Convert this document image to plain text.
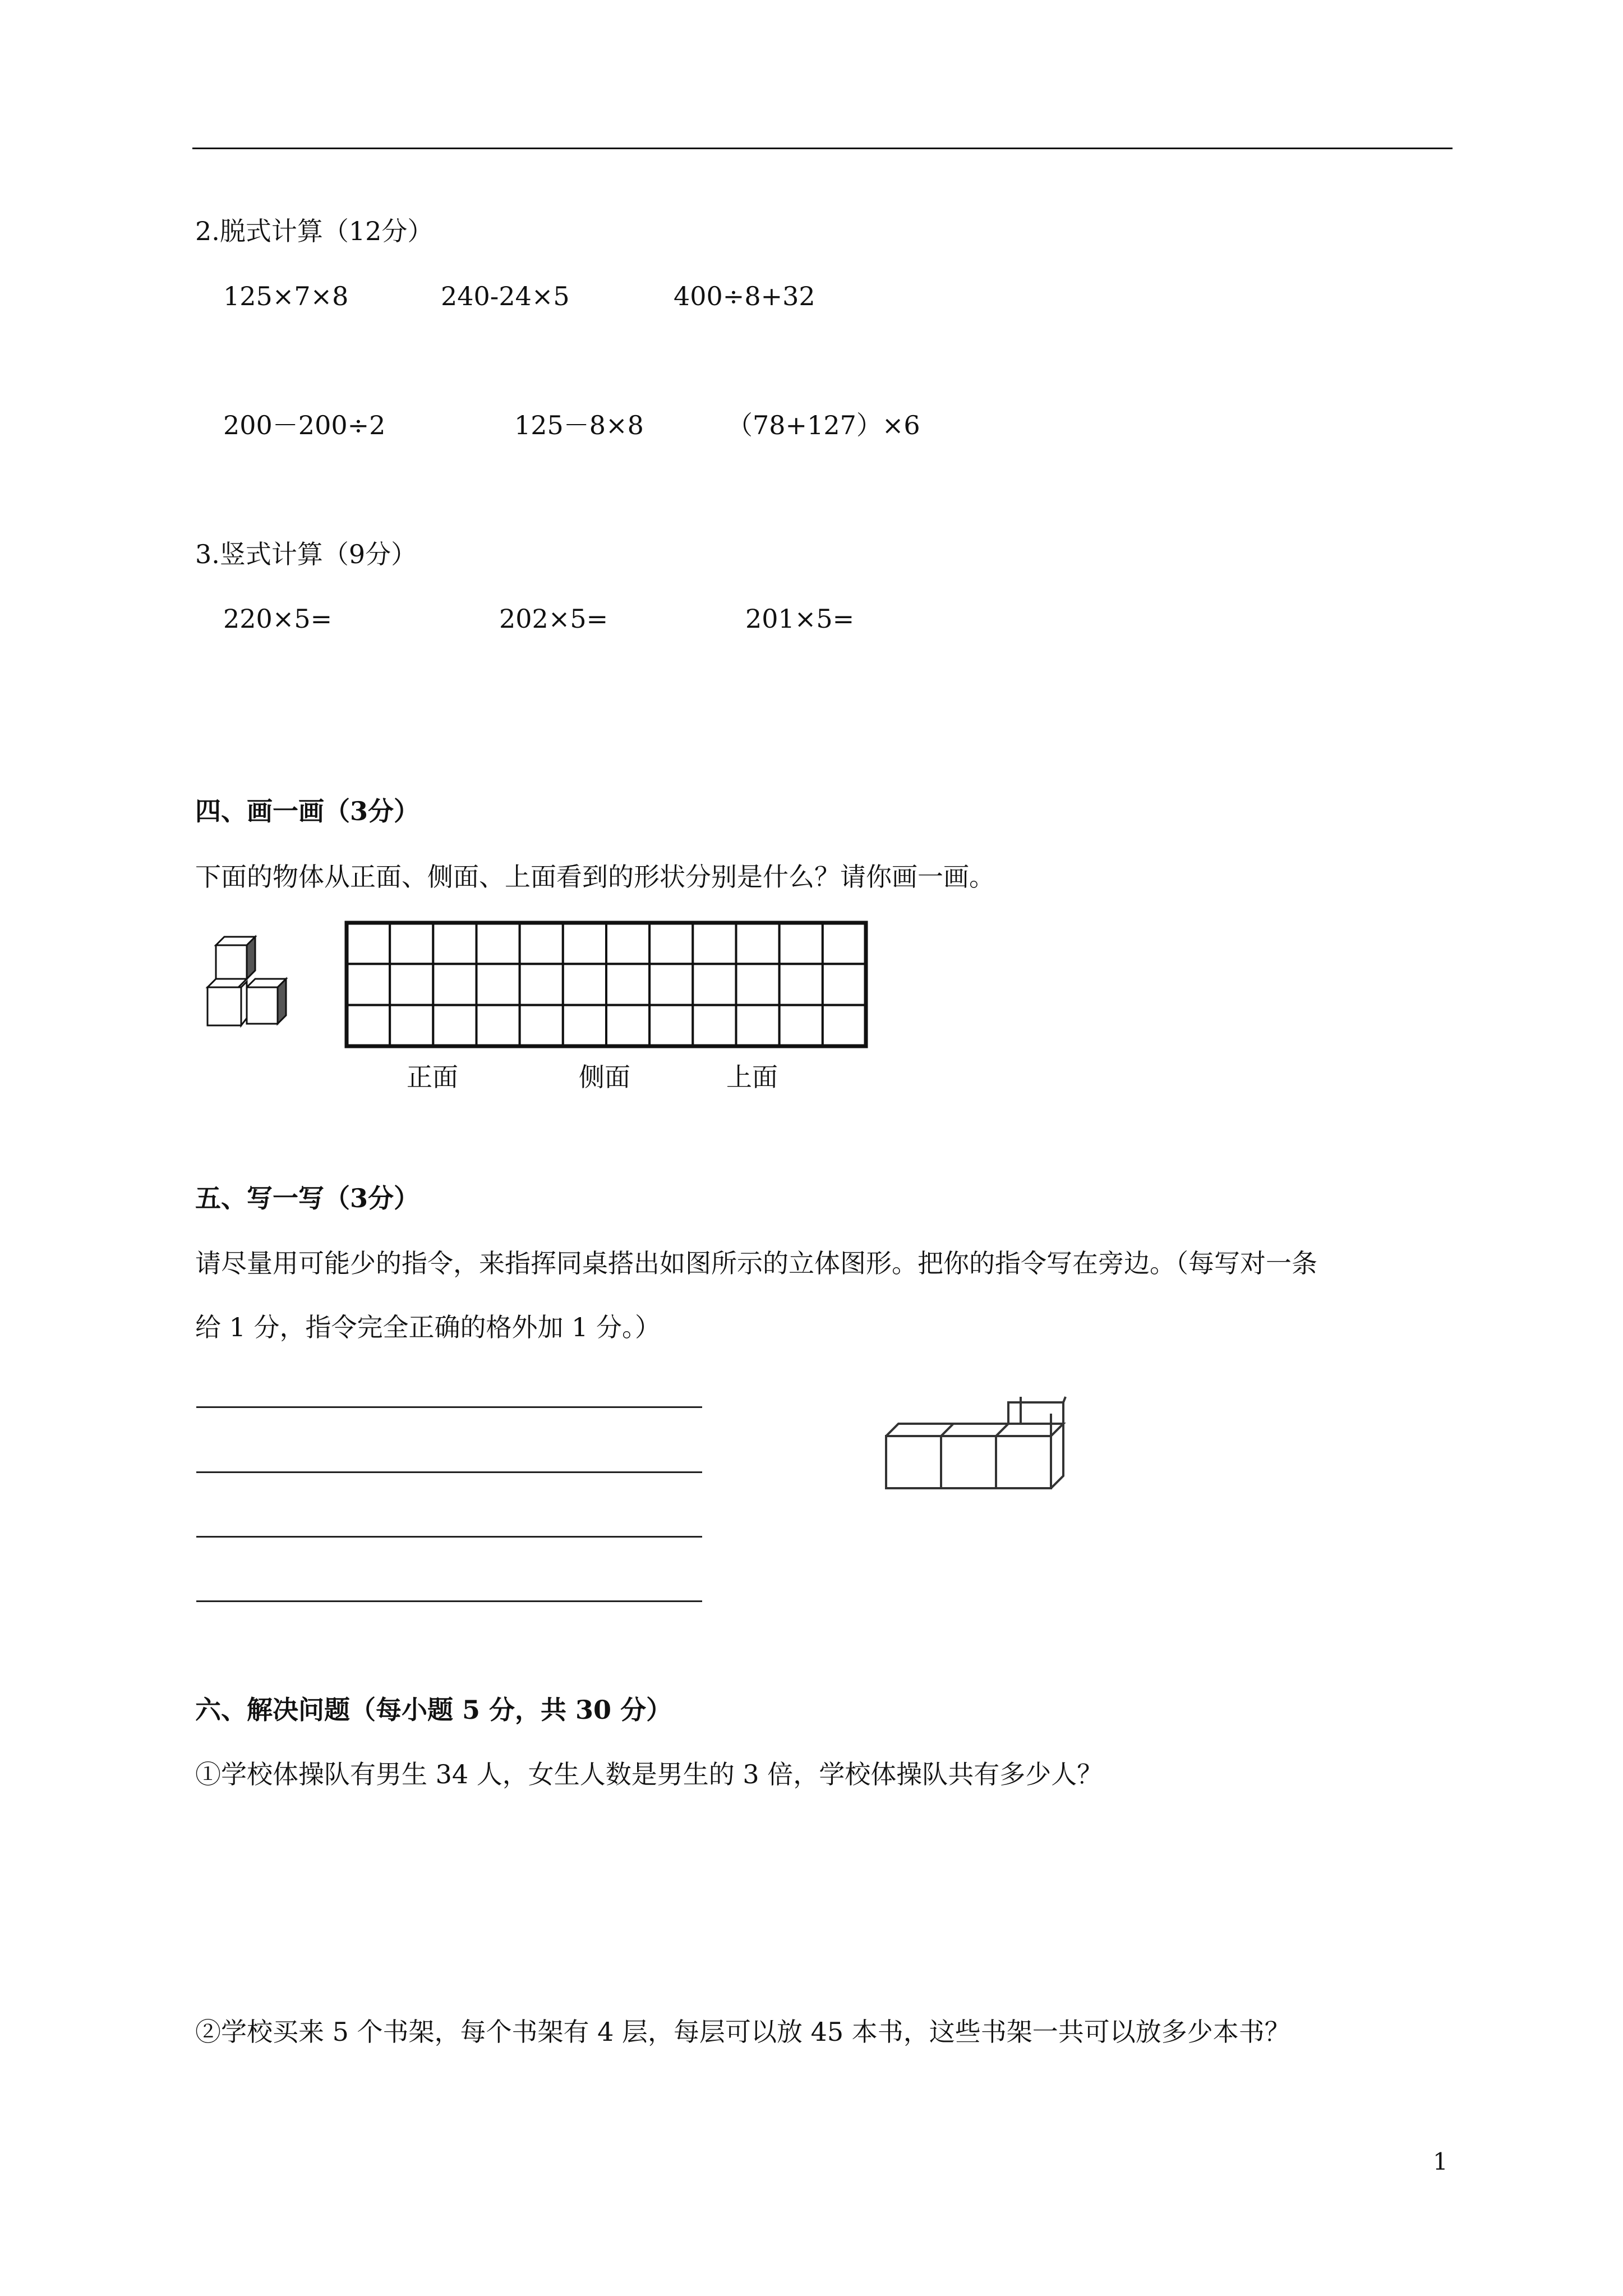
2.脱式计算（12分）
125×7×8	240-24×5	400÷8+32
200－200÷2	125－8×8	（78+127）×6
3.竖式计算（9分）
220×5=	202×5=	201×5=
四、画一画（3分）
下面的物体从正面、侧面、上面看到的形状分别是什么？请你画一画。
正面	侧面	上面
五、写一写（3分）
请尽量用可能少的指令，来指挥同桌搭出如图所示的立体图形。把你的指令写在旁边。（每写对一条
给 1 分，指令完全正确的格外加 1 分。）
六、解决问题（每小题 5 分，共 30 分）
①学校体操队有男生 34 人，女生人数是男生的 3 倍，学校体操队共有多少人？
②学校买来 5 个书架，每个书架有 4 层，每层可以放 45 本书，这些书架一共可以放多少本书？
1
